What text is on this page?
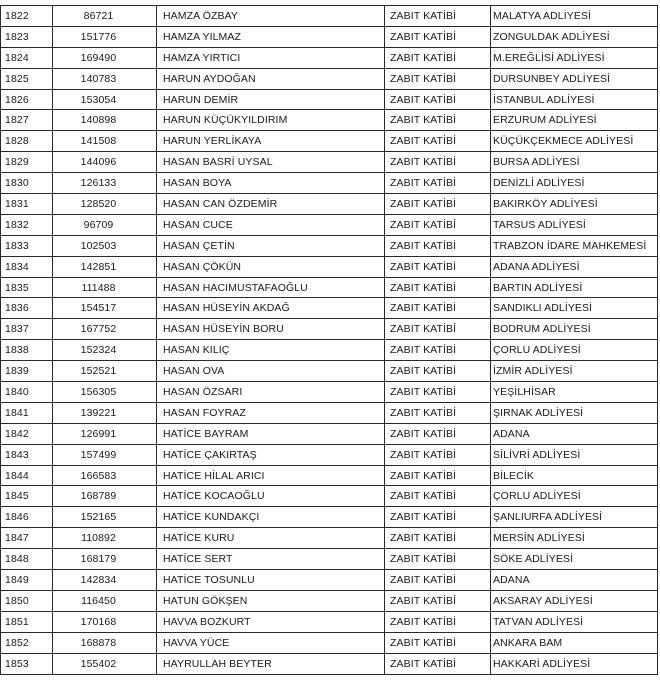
1822	86721	HAMZA ÖZBAY	ZABIT KATİBİ	MALATYA ADLİYESİ
1823	151776	HAMZA YILMAZ	ZABIT KATİBİ	ZONGULDAK ADLİYESİ
1824	169490	HAMZA YIRTICI	ZABIT KATİBİ	M.EREĞLİSİ ADLİYESİ
1825	140783	HARUN AYDOĞAN	ZABIT KATİBİ	DURSUNBEY ADLİYESİ
1826	153054	HARUN DEMİR	ZABIT KATİBİ	İSTANBUL ADLİYESİ
1827	140898	HARUN KÜÇÜKYILDIRIM	ZABIT KATİBİ	ERZURUM ADLİYESİ
1828	141508	HARUN YERLİKAYA	ZABIT KATİBİ	KÜÇÜKÇEKMECE ADLİYESİ
1829	144096	HASAN BASRİ UYSAL	ZABIT KATİBİ	BURSA ADLİYESİ
1830	126133	HASAN BOYA	ZABIT KATİBİ	DENİZLİ ADLİYESİ
1831	128520	HASAN CAN ÖZDEMİR	ZABIT KATİBİ	BAKIRKÖY ADLİYESİ
1832	96709	HASAN CUCE	ZABIT KATİBİ	TARSUS ADLİYESİ
1833	102503	HASAN ÇETİN	ZABIT KATİBİ	TRABZON İDARE MAHKEMESİ
1834	142851	HASAN ÇÖKÜN	ZABIT KATİBİ	ADANA ADLİYESİ
1835	111488	HASAN HACIMUSTAFAOĞLU	ZABIT KATİBİ	BARTIN ADLİYESİ
1836	154517	HASAN HÜSEYİN AKDAĞ	ZABIT KATİBİ	SANDIKLI ADLİYESİ
1837	167752	HASAN HÜSEYİN BORU	ZABIT KATİBİ	BODRUM ADLİYESİ
1838	152324	HASAN KILIÇ	ZABIT KATİBİ	ÇORLU ADLİYESİ
1839	152521	HASAN OVA	ZABIT KATİBİ	İZMİR ADLİYESİ
1840	156305	HASAN ÖZSARI	ZABIT KATİBİ	YEŞİLHİSAR
1841	139221	HASAN FOYRAZ	ZABIT KATİBİ	ŞIRNAK ADLİYESİ
1842	126991	HATİCE BAYRAM	ZABIT KATİBİ	ADANA
1843	157499	HATİCE ÇAKIRTAŞ	ZABIT KATİBİ	SİLİVRİ ADLİYESİ
1844	166583	HATİCE HİLAL ARICI	ZABIT KATİBİ	BİLECİK
1845	168789	HATİCE KOCAOĞLU	ZABIT KATİBİ	ÇORLU ADLİYESİ
1846	152165	HATİCE KUNDAKÇI	ZABIT KATİBİ	ŞANLIURFA ADLİYESİ
1847	110892	HATİCE KURU	ZABIT KATİBİ	MERSİN ADLİYESİ
1848	168179	HATİCE SERT	ZABIT KATİBİ	SÖKE ADLİYESİ
1849	142834	HATİCE TOSUNLU	ZABIT KATİBİ	ADANA
1850	116450	HATUN GÖKŞEN	ZABIT KATİBİ	AKSARAY ADLİYESİ
1851	170168	HAVVA BOZKURT	ZABIT KATİBİ	TATVAN ADLİYESİ
1852	168878	HAVVA YÜCE	ZABIT KATİBİ	ANKARA BAM
1853	155402	HAYRULLAH BEYTER	ZABIT KATİBİ	HAKKARİ ADLİYESİ
